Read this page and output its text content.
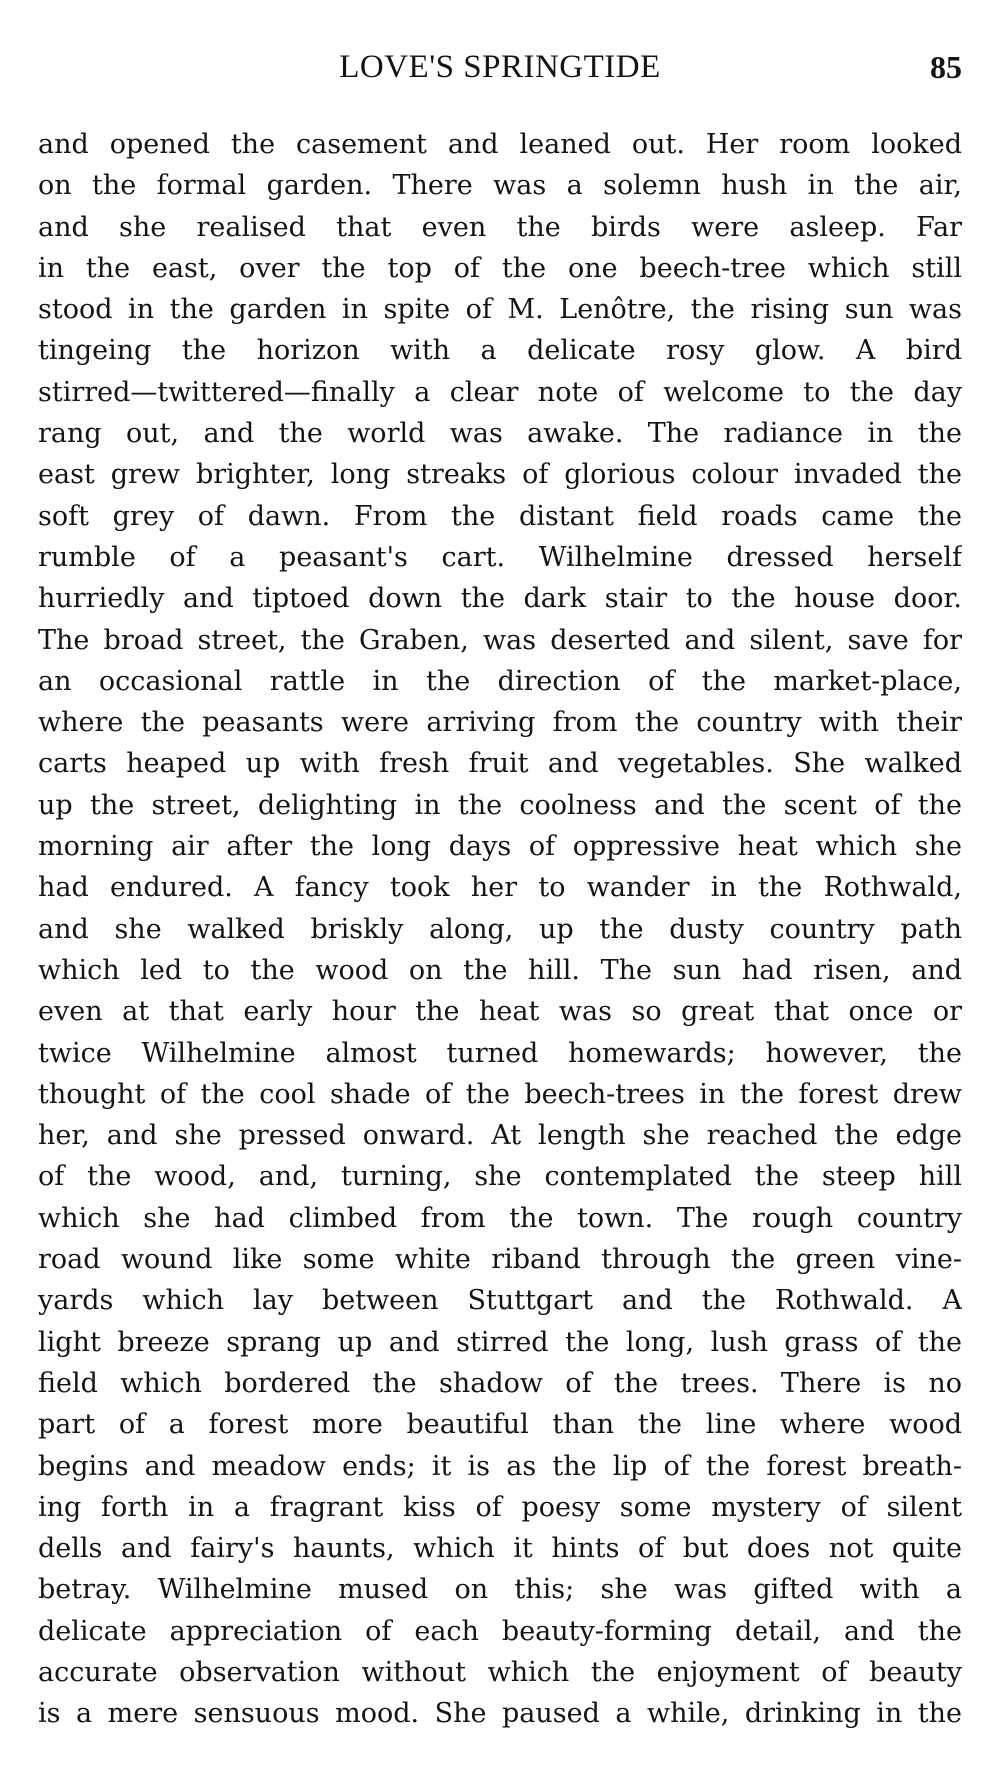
LOVE'S SPRINGTIDE	85
and opened the casement and leaned out. Her room looked
on the formal garden. There was a solemn hush in the air,
and she realised that even the birds were asleep. Far
in the east, over the top of the one beech-tree which still
stood in the garden in spite of M. Lenôtre, the rising sun was
tingeing the horizon with a delicate rosy glow. A bird
stirred—twittered—finally a clear note of welcome to the day
rang out, and the world was awake. The radiance in the
east grew brighter, long streaks of glorious colour invaded the
soft grey of dawn. From the distant field roads came the
rumble of a peasant's cart. Wilhelmine dressed herself
hurriedly and tiptoed down the dark stair to the house door.
The broad street, the Graben, was deserted and silent, save for
an occasional rattle in the direction of the market-place,
where the peasants were arriving from the country with their
carts heaped up with fresh fruit and vegetables. She walked
up the street, delighting in the coolness and the scent of the
morning air after the long days of oppressive heat which she
had endured. A fancy took her to wander in the Rothwald,
and she walked briskly along, up the dusty country path
which led to the wood on the hill. The sun had risen, and
even at that early hour the heat was so great that once or
twice Wilhelmine almost turned homewards; however, the
thought of the cool shade of the beech-trees in the forest drew
her, and she pressed onward. At length she reached the edge
of the wood, and, turning, she contemplated the steep hill
which she had climbed from the town. The rough country
road wound like some white riband through the green vine-
yards which lay between Stuttgart and the Rothwald. A
light breeze sprang up and stirred the long, lush grass of the
field which bordered the shadow of the trees. There is no
part of a forest more beautiful than the line where wood
begins and meadow ends; it is as the lip of the forest breath-
ing forth in a fragrant kiss of poesy some mystery of silent
dells and fairy's haunts, which it hints of but does not quite
betray. Wilhelmine mused on this; she was gifted with a
delicate appreciation of each beauty-forming detail, and the
accurate observation without which the enjoyment of beauty
is a mere sensuous mood. She paused a while, drinking in the
